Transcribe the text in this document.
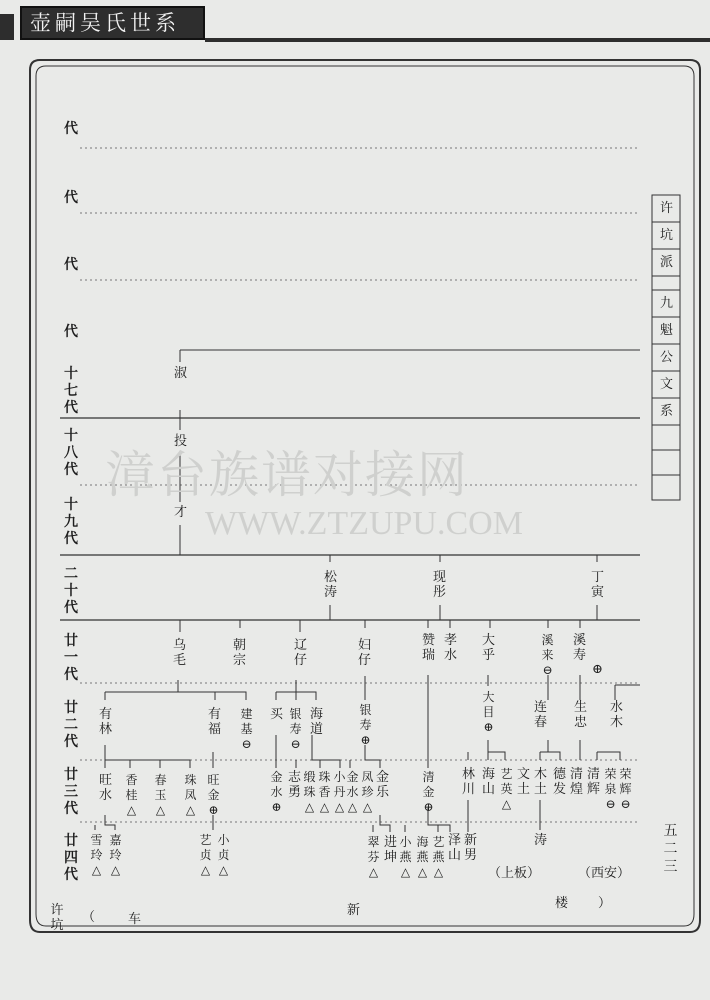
壶嗣吴氏世系
漳台族谱对接网
WWW.ZTZUPU.COM
许
坑
派
九
魁
公
文
系
代
代
代
代
十七代
十八代
十九代
二十代
廿一代
廿二代
廿三代
廿四代
淑
投
才
松涛
现彤
丁寅
乌毛
朝宗
辽仔
妇仔
赞瑞
孝水
大乎
溪来⊖
溪寿
⊕
有林
有福
建基⊖
买 银寿⊖
海道
银寿⊕
大目⊕
连春
生忠
水木
旺水
香桂△
春玉△
珠凤△
旺金⊕
金水⊕
志勇
缎珠△
珠香△
小丹△
金水△
凤珍△
金乐
清金⊕
林川
海山
艺英△
文土
木土
德发
清煌
清辉
荣泉⊖
荣辉⊖
雪玲△
嘉玲△
艺贞△
小贞△
翠芬△
进坤
小燕△
海燕△
艺燕△
泽山
新男
涛
（上板）	（西安）
五二三
许坑
（	车
新	楼 ）
